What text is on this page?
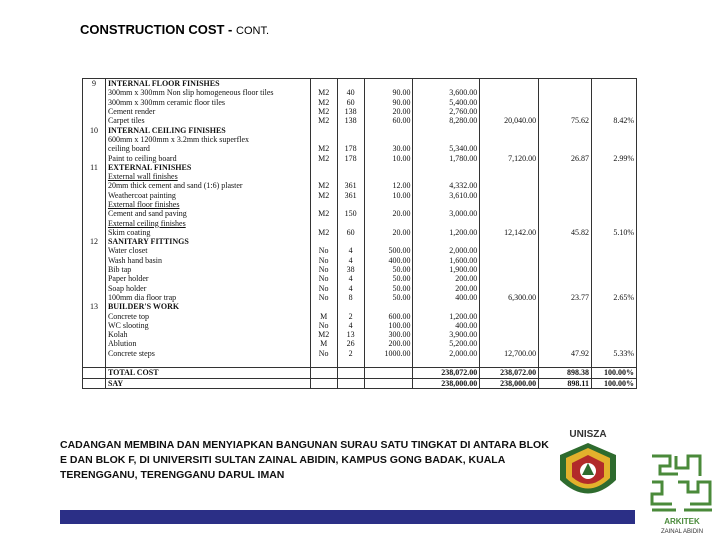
CONSTRUCTION COST - CONT.
9	INTERNAL FLOOR FINISHES							
	300mm x 300mm Non slip homogeneous floor tiles	M2	40	90.00	3,600.00			
	300mm x 300mm ceramic floor tiles	M2	60	90.00	5,400.00			
	Cement render	M2	138	20.00	2,760.00			
	Carpet tiles	M2	138	60.00	8,280.00	20,040.00	75.62	8.42%
10	INTERNAL CEILING FINISHES							
	600mm x 1200mm x 3.2mm thick superflex							
	ceiling board	M2	178	30.00	5,340.00			
	Paint to ceiling board	M2	178	10.00	1,780.00	7,120.00	26.87	2.99%
11	EXTERNAL FINISHES							
	External wall finishes							
	20mm thick cement and sand (1:6) plaster	M2	361	12.00	4,332.00			
	Weathercoat painting	M2	361	10.00	3,610.00			
	External floor finishes							
	Cement and sand paving	M2	150	20.00	3,000.00			
	External ceiling finishes							
	Skim coating	M2	60	20.00	1,200.00	12,142.00	45.82	5.10%
12	SANITARY FITTINGS							
	Water closet	No	4	500.00	2,000.00			
	Wash hand basin	No	4	400.00	1,600.00			
	Bib tap	No	38	50.00	1,900.00			
	Paper holder	No	4	50.00	200.00			
	Soap holder	No	4	50.00	200.00			
	100mm dia floor trap	No	8	50.00	400.00	6,300.00	23.77	2.65%
13	BUILDER'S WORK							
	Concrete top	M	2	600.00	1,200.00			
	WC slooting	No	4	100.00	400.00			
	Kolah	M2	13	300.00	3,900.00			
	Ablution	M	26	200.00	5,200.00			
	Concrete steps	No	2	1000.00	2,000.00	12,700.00	47.92	5.33%

	TOTAL COST				238,072.00	238,072.00	898.38	100.00%
	SAY				238,000.00	238,000.00	898.11	100.00%
CADANGAN MEMBINA DAN MENYIAPKAN BANGUNAN SURAU SATU TINGKAT DI ANTARA BLOK E DAN BLOK F, DI UNIVERSITI SULTAN ZAINAL ABIDIN, KAMPUS GONG BADAK, KUALA TERENGGANU, TERENGGANU DARUL IMAN
UNISZA
ARKITEK
ZAINAL ABIDIN
